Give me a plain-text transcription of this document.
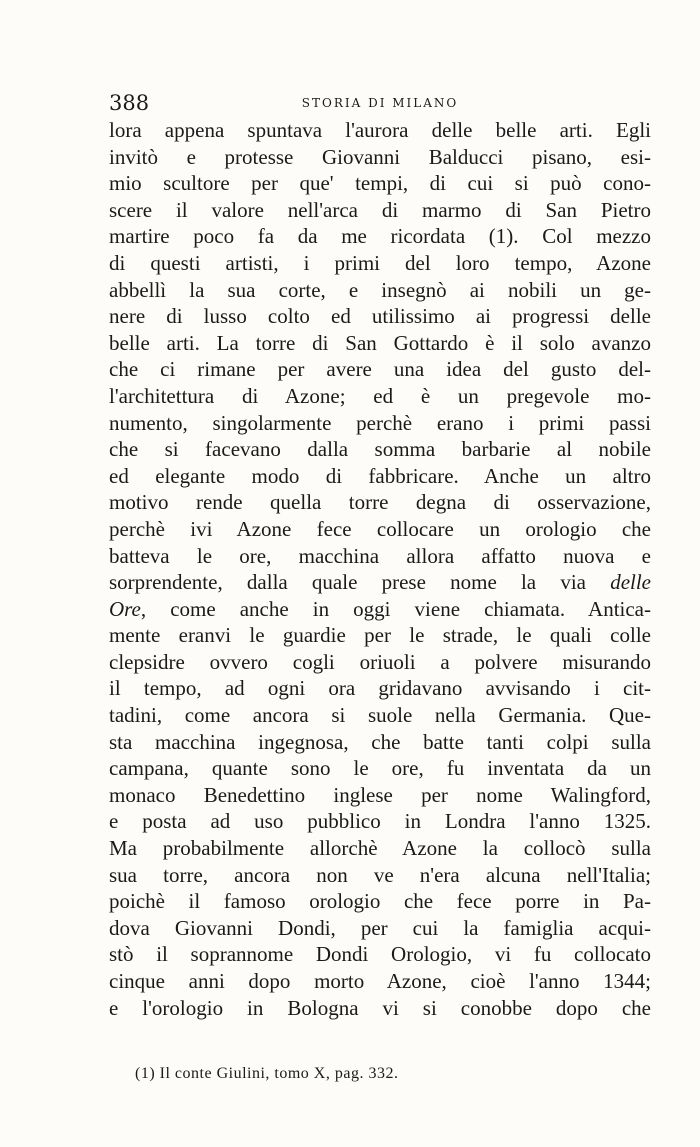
388	STORIA DI MILANO
lora appena spuntava l'aurora delle belle arti. Egli
invitò e protesse Giovanni Balducci pisano, esi-
mio scultore per que' tempi, di cui si può cono-
scere il valore nell'arca di marmo di San Pietro
martire poco fa da me ricordata (1). Col mezzo
di questi artisti, i primi del loro tempo, Azone
abbellì la sua corte, e insegnò ai nobili un ge-
nere di lusso colto ed utilissimo ai progressi delle
belle arti. La torre di San Gottardo è il solo avanzo
che ci rimane per avere una idea del gusto del-
l'architettura di Azone; ed è un pregevole mo-
numento, singolarmente perchè erano i primi passi
che si facevano dalla somma barbarie al nobile
ed elegante modo di fabbricare. Anche un altro
motivo rende quella torre degna di osservazione,
perchè ivi Azone fece collocare un orologio che
batteva le ore, macchina allora affatto nuova e
sorprendente, dalla quale prese nome la via delle
Ore, come anche in oggi viene chiamata. Antica-
mente eranvi le guardie per le strade, le quali colle
clepsidre ovvero cogli oriuoli a polvere misurando
il tempo, ad ogni ora gridavano avvisando i cit-
tadini, come ancora si suole nella Germania. Que-
sta macchina ingegnosa, che batte tanti colpi sulla
campana, quante sono le ore, fu inventata da un
monaco Benedettino inglese per nome Walingford,
e posta ad uso pubblico in Londra l'anno 1325.
Ma probabilmente allorchè Azone la collocò sulla
sua torre, ancora non ve n'era alcuna nell'Italia;
poichè il famoso orologio che fece porre in Pa-
dova Giovanni Dondi, per cui la famiglia acqui-
stò il soprannome Dondi Orologio, vi fu collocato
cinque anni dopo morto Azone, cioè l'anno 1344;
e l'orologio in Bologna vi si conobbe dopo che
(1) Il conte Giulini, tomo X, pag. 332.
